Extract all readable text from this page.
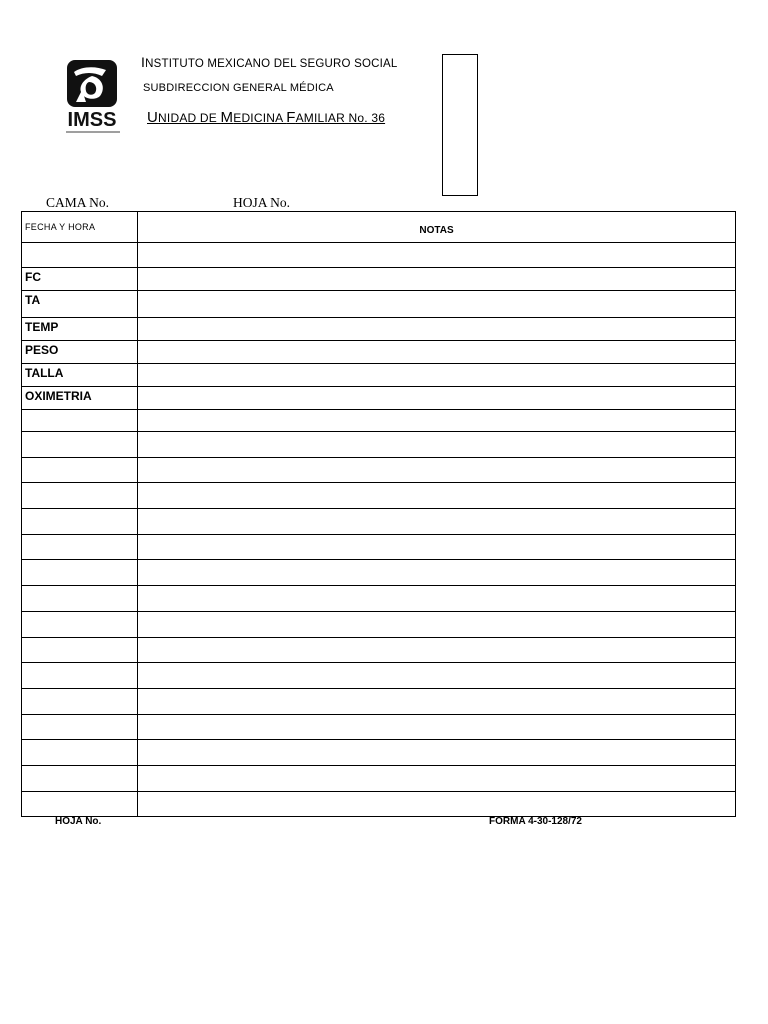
IMSS
INSTITUTO MEXICANO DEL SEGURO SOCIAL
SUBDIRECCION GENERAL MÉDICA
UNIDAD DE MEDICINA FAMILIAR No. 36
CAMA No.	HOJA No.
FECHA Y HORA	NOTAS

FC	
TA	
TEMP	
PESO	
TALLA	
OXIMETRIA	

HOJA No.	FORMA 4-30-128/72
